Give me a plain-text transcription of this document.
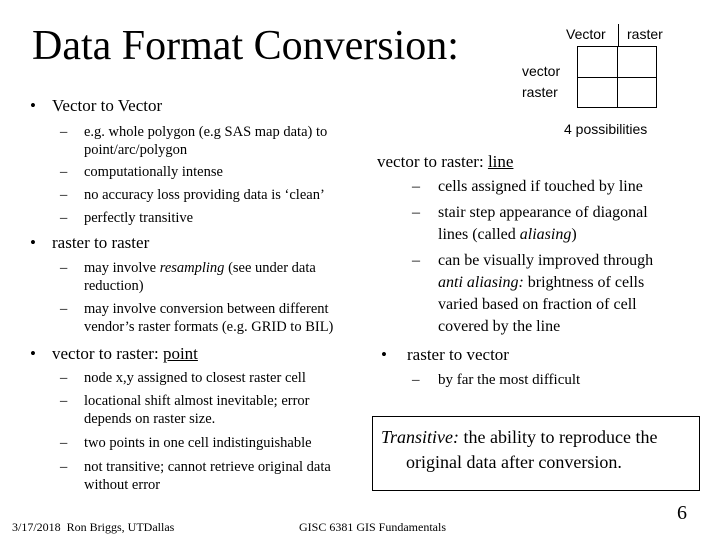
Data Format Conversion:	Vector raster
vector
raster
4 possibilities
• Vector to Vector
– e.g. whole polygon (e.g SAS map data) to
point/arc/polygon
– computationally intense
– no accuracy loss providing data is ‘clean’
– perfectly transitive
• raster to raster
– may involve resampling (see under data
reduction)
– may involve conversion between different
vendor’s raster formats (e.g. GRID to BIL)
• vector to raster: point
– node x,y assigned to closest raster cell
– locational shift almost inevitable; error
depends on raster size.
– two points in one cell indistinguishable
– not transitive; cannot retrieve original data
without error
vector to raster: line
– cells assigned if touched by line
– stair step appearance of diagonal
lines (called aliasing)
– can be visually improved through
anti aliasing: brightness of cells
varied based on fraction of cell
covered by the line
• raster to vector
– by far the most difficult
Transitive: the ability to reproduce the
original data after conversion.
3/17/2018 Ron Briggs, UTDallas	GISC 6381 GIS Fundamentals
6
